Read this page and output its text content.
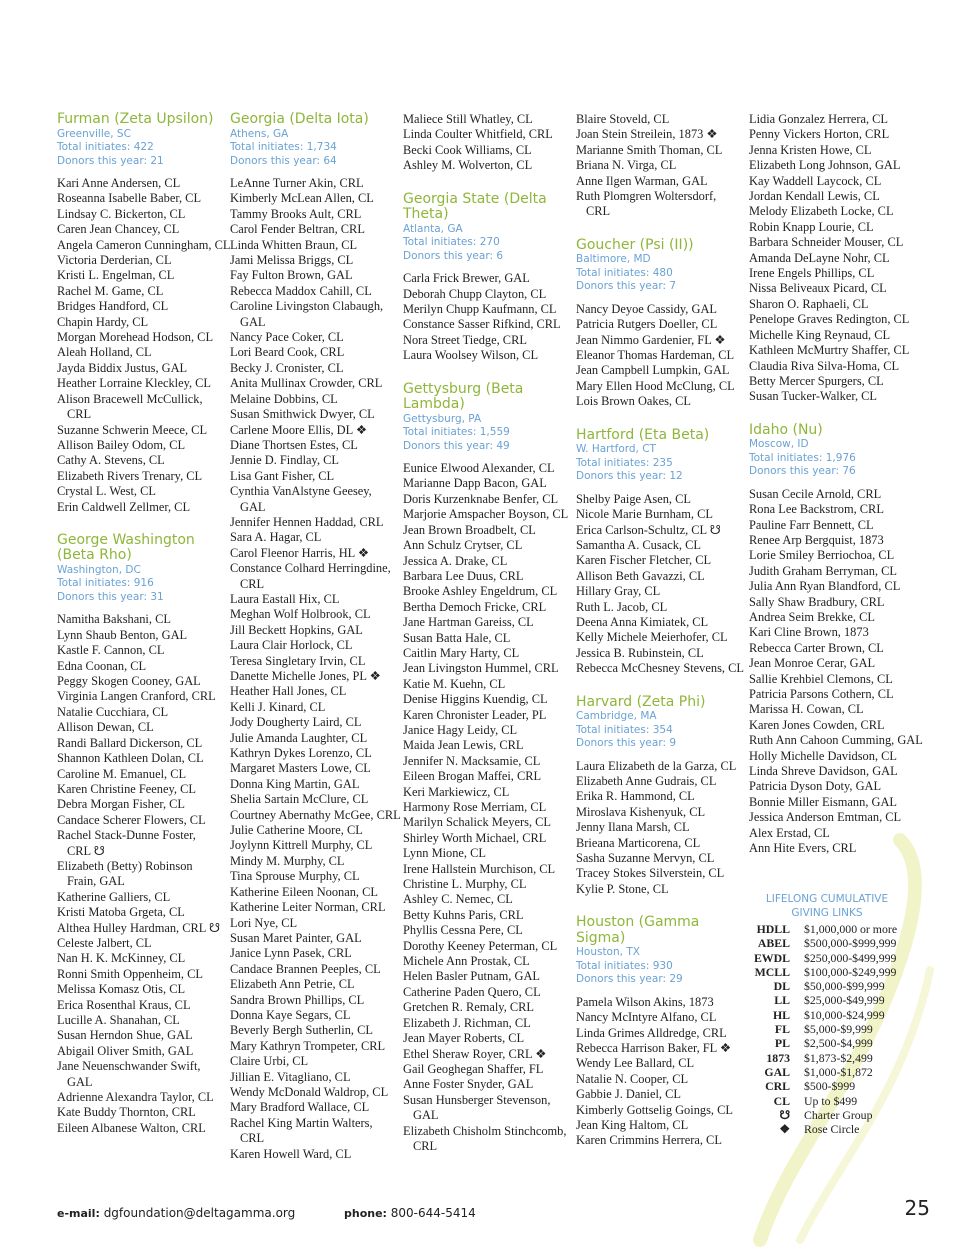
Furman (Zeta Upsilon)
Greenville, SC
Total initiates: 422
Donors this year: 21
Kari Anne Andersen, CL
Roseanna Isabelle Baber, CL
Lindsay C. Bickerton, CL
Caren Jean Chancey, CL
Angela Cameron Cunningham, CL
Victoria Derderian, CL
Kristi L. Engelman, CL
Rachel M. Game, CL
Bridges Handford, CL
Chapin Hardy, CL
Morgan Morehead Hodson, CL
Aleah Holland, CL
Jayda Biddix Justus, GAL
Heather Lorraine Kleckley, CL
Alison Bracewell McCullick, CRL
Suzanne Schwerin Meece, CL
Allison Bailey Odom, CL
Cathy A. Stevens, CL
Elizabeth Rivers Trenary, CL
Crystal L. West, CL
Erin Caldwell Zellmer, CL
George Washington (Beta Rho)
Washington, DC
Total initiates: 916
Donors this year: 31
Namitha Bakshani, CL
Lynn Shaub Benton, GAL
Kastle F. Cannon, CL
Edna Coonan, CL
Peggy Skogen Cooney, GAL
Virginia Langen Cranford, CRL
Natalie Cucchiara, CL
Allison Dewan, CL
Randi Ballard Dickerson, CL
Shannon Kathleen Dolan, CL
Caroline M. Emanuel, CL
Karen Christine Feeney, CL
Debra Morgan Fisher, CL
Candace Scherer Flowers, CL
Rachel Stack-Dunne Foster, CRL ☋
Elizabeth (Betty) Robinson Frain, GAL
Katherine Galliers, CL
Kristi Matoba Grgeta, CL
Althea Hulley Hardman, CRL ☋
Celeste Jalbert, CL
Nan H. K. McKinney, CL
Ronni Smith Oppenheim, CL
Melissa Komasz Otis, CL
Erica Rosenthal Kraus, CL
Lucille A. Shanahan, CL
Susan Herndon Shue, GAL
Abigail Oliver Smith, GAL
Jane Neuenschwander Swift, GAL
Adrienne Alexandra Taylor, CL
Kate Buddy Thornton, CRL
Eileen Albanese Walton, CRL
Georgia (Delta Iota)
Athens, GA
Total initiates: 1,734
Donors this year: 64
LeAnne Turner Akin, CRL
Kimberly McLean Allen, CL
Tammy Brooks Ault, CRL
Carol Fender Beltran, CRL
Linda Whitten Braun, CL
Jami Melissa Briggs, CL
Fay Fulton Brown, GAL
Rebecca Maddox Cahill, CL
Caroline Livingston Clabaugh, GAL
Nancy Pace Coker, CL
Lori Beard Cook, CRL
Becky J. Cronister, CL
Anita Mullinax Crowder, CRL
Melaine Dobbins, CL
Susan Smithwick Dwyer, CL
Carlene Moore Ellis, DL ❖
Diane Thortsen Estes, CL
Jennie D. Findlay, CL
Lisa Gant Fisher, CL
Cynthia VanAlstyne Geesey, GAL
Jennifer Hennen Haddad, CRL
Sara A. Hagar, CL
Carol Fleenor Harris, HL ❖
Constance Colhard Herringdine, CRL
Laura Eastall Hix, CL
Meghan Wolf Holbrook, CL
Jill Beckett Hopkins, GAL
Laura Clair Horlock, CL
Teresa Singletary Irvin, CL
Danette Michelle Jones, PL ❖
Heather Hall Jones, CL
Kelli J. Kinard, CL
Jody Dougherty Laird, CL
Julie Amanda Laughter, CL
Kathryn Dykes Lorenzo, CL
Margaret Masters Lowe, CL
Donna King Martin, GAL
Shelia Sartain McClure, CL
Courtney Abernathy McGee, CRL
Julie Catherine Moore, CL
Joylynn Kittrell Murphy, CL
Mindy M. Murphy, CL
Tina Sprouse Murphy, CL
Katherine Eileen Noonan, CL
Katherine Leiter Norman, CRL
Lori Nye, CL
Susan Maret Painter, GAL
Janice Lynn Pasek, CRL
Candace Brannen Peeples, CL
Elizabeth Ann Petrie, CL
Sandra Brown Phillips, CL
Donna Kaye Segars, CL
Beverly Bergh Sutherlin, CL
Mary Kathryn Trompeter, CRL
Claire Urbi, CL
Jillian E. Vitagliano, CL
Wendy McDonald Waldrop, CL
Mary Bradford Wallace, CL
Rachel King Martin Walters, CRL
Karen Howell Ward, CL
Maliece Still Whatley, CL
Linda Coulter Whitfield, CRL
Becki Cook Williams, CL
Ashley M. Wolverton, CL
Georgia State (Delta Theta)
Atlanta, GA
Total initiates: 270
Donors this year: 6
Carla Frick Brewer, GAL
Deborah Chupp Clayton, CL
Merilyn Chupp Kaufmann, CL
Constance Sasser Rifkind, CRL
Nora Street Tiedge, CRL
Laura Woolsey Wilson, CL
Gettysburg (Beta Lambda)
Gettysburg, PA
Total initiates: 1,559
Donors this year: 49
Eunice Elwood Alexander, CL
Marianne Dapp Bacon, GAL
Doris Kurzenknabe Benfer, CL
Marjorie Amspacher Boyson, CL
Jean Brown Broadbelt, CL
Ann Schulz Crytser, CL
Jessica A. Drake, CL
Barbara Lee Duus, CRL
Brooke Ashley Engeldrum, CL
Bertha Democh Fricke, CRL
Jane Hartman Gareiss, CL
Susan Batta Hale, CL
Caitlin Mary Harty, CL
Jean Livingston Hummel, CRL
Katie M. Kuehn, CL
Denise Higgins Kuendig, CL
Karen Chronister Leader, PL
Janice Hagy Leidy, CL
Maida Jean Lewis, CRL
Jennifer N. Macksamie, CL
Eileen Brogan Maffei, CRL
Keri Markiewicz, CL
Harmony Rose Merriam, CL
Marilyn Schalick Meyers, CL
Shirley Worth Michael, CRL
Lynn Mione, CL
Irene Hallstein Murchison, CL
Christine L. Murphy, CL
Ashley C. Nemec, CL
Betty Kuhns Paris, CRL
Phyllis Cessna Pere, CL
Dorothy Keeney Peterman, CL
Michele Ann Prostak, CL
Helen Basler Putnam, GAL
Catherine Paden Quero, CL
Gretchen R. Remaly, CRL
Elizabeth J. Richman, CL
Jean Mayer Roberts, CL
Ethel Sheraw Royer, CRL ❖
Gail Geoghegan Shaffer, FL
Anne Foster Snyder, GAL
Susan Hunsberger Stevenson, GAL
Elizabeth Chisholm Stinchcomb, CRL
Blaire Stoveld, CL
Joan Stein Streilein, 1873 ❖
Marianne Smith Thoman, CL
Briana N. Virga, CL
Anne Ilgen Warman, GAL
Ruth Plomgren Woltersdorf, CRL
Goucher (Psi (II))
Baltimore, MD
Total initiates: 480
Donors this year: 7
Nancy Deyoe Cassidy, GAL
Patricia Rutgers Doeller, CL
Jean Nimmo Gardenier, FL ❖
Eleanor Thomas Hardeman, CL
Jean Campbell Lumpkin, GAL
Mary Ellen Hood McClung, CL
Lois Brown Oakes, CL
Hartford (Eta Beta)
W. Hartford, CT
Total initiates: 235
Donors this year: 12
Shelby Paige Asen, CL
Nicole Marie Burnham, CL
Erica Carlson-Schultz, CL ☋
Samantha A. Cusack, CL
Karen Fischer Fletcher, CL
Allison Beth Gavazzi, CL
Hillary Gray, CL
Ruth L. Jacob, CL
Deena Anna Kimiatek, CL
Kelly Michele Meierhofer, CL
Jessica B. Rubinstein, CL
Rebecca McChesney Stevens, CL
Harvard (Zeta Phi)
Cambridge, MA
Total initiates: 354
Donors this year: 9
Laura Elizabeth de la Garza, CL
Elizabeth Anne Gudrais, CL
Erika R. Hammond, CL
Miroslava Kishenyuk, CL
Jenny Ilana Marsh, CL
Brieana Marticorena, CL
Sasha Suzanne Mervyn, CL
Tracey Stokes Silverstein, CL
Kylie P. Stone, CL
Houston (Gamma Sigma)
Houston, TX
Total initiates: 930
Donors this year: 29
Pamela Wilson Akins, 1873
Nancy McIntyre Alfano, CL
Linda Grimes Alldredge, CRL
Rebecca Harrison Baker, FL ❖
Wendy Lee Ballard, CL
Natalie N. Cooper, CL
Gabbie J. Daniel, CL
Kimberly Gottselig Goings, CL
Jean King Haltom, CL
Karen Crimmins Herrera, CL
Lidia Gonzalez Herrera, CL
Penny Vickers Horton, CRL
Jenna Kristen Howe, CL
Elizabeth Long Johnson, GAL
Kay Waddell Laycock, CL
Jordan Kendall Lewis, CL
Melody Elizabeth Locke, CL
Robin Knapp Lourie, CL
Barbara Schneider Mouser, CL
Amanda DeLayne Nohr, CL
Irene Engels Phillips, CL
Nissa Beliveaux Picard, CL
Sharon O. Raphaeli, CL
Penelope Graves Redington, CL
Michelle King Reynaud, CL
Kathleen McMurtry Shaffer, CL
Claudia Riva Silva-Homa, CL
Betty Mercer Spurgers, CL
Susan Tucker-Walker, CL
Idaho (Nu)
Moscow, ID
Total initiates: 1,976
Donors this year: 76
Susan Cecile Arnold, CRL
Rona Lee Backstrom, CRL
Pauline Farr Bennett, CL
Renee Arp Bergquist, 1873
Lorie Smiley Berriochoa, CL
Judith Graham Berryman, CL
Julia Ann Ryan Blandford, CL
Sally Shaw Bradbury, CRL
Andrea Seim Brekke, CL
Kari Cline Brown, 1873
Rebecca Carter Brown, CL
Jean Monroe Cerar, GAL
Sallie Krehbiel Clemons, CL
Patricia Parsons Cothern, CL
Marissa H. Cowan, CL
Karen Jones Cowden, CRL
Ruth Ann Cahoon Cumming, GAL
Holly Michelle Davidson, CL
Linda Shreve Davidson, GAL
Patricia Dyson Doty, GAL
Bonnie Miller Eismann, GAL
Jessica Anderson Emtman, CL
Alex Erstad, CL
Ann Hite Evers, CRL
LIFELONG CUMULATIVE
GIVING LINKS
HDLL	$1,000,000 or more
ABEL	$500,000-$999,999
EWDL	$250,000-$499,999
MCLL	$100,000-$249,999
DL	$50,000-$99,999
LL	$25,000-$49,999
HL	$10,000-$24,999
FL	$5,000-$9,999
PL	$2,500-$4,999
1873	$1,873-$2,499
GAL	$1,000-$1,872
CRL	$500-$999
CL	Up to $499
☋	Charter Group
❖	Rose Circle
e-mail: dgfoundation@deltagamma.org	phone: 800-644-5414	25
